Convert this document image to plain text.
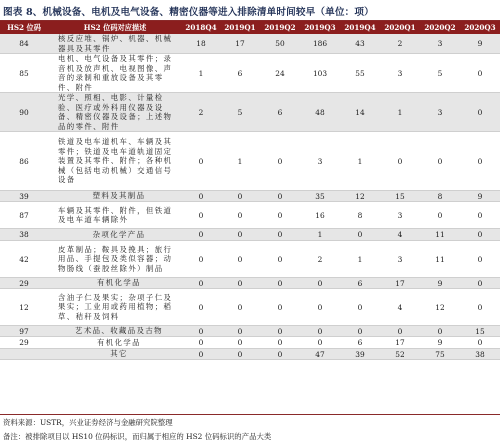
图表 8、机械设备、电机及电气设备、精密仪器等进入排除清单时间较早（单位：项）
HS2 位码	HS2 位码对应描述	2018Q4	2019Q1	2019Q2	2019Q3	2019Q4	2020Q1	2020Q2	2020Q3
84	核反应堆、锅炉、机器、机械器具及其零件	18	17	50	186	43	2	3	9
85	电机、电气设备及其零件；录音机及放声机、电视图像、声音的录制和重放设备及其零件、附件	1	6	24	103	55	3	5	0
90	光学、照相、电影、计量检验、医疗或外科用仪器及设备、精密仪器及设备；上述物品的零件、附件	2	5	6	48	14	1	3	0
86	铁道及电车道机车、车辆及其零件；铁道及电车道轨道固定装置及其零件、附件；各种机械（包括电动机械）交通信号设备	0	1	0	3	1	0	0	0
39	塑料及其制品	0	0	0	35	12	15	8	9
87	车辆及其零件、附件，但铁道及电车道车辆除外	0	0	0	16	8	3	0	0
38	杂项化学产品	0	0	0	1	0	4	11	0
42	皮革制品；鞍具及挽具；旅行用品、手提包及类似容器；动物肠线（蚕胶丝除外）制品	0	0	0	2	1	3	11	0
29	有机化学品	0	0	0	0	6	17	9	0
12	含油子仁及果实；杂项子仁及果实；工业用或药用植物；稻草、秸秆及饲料	0	0	0	0	0	4	12	0
97	艺术品、收藏品及古物	0	0	0	0	0	0	0	15
29	有机化学品	0	0	0	0	6	17	9	0
	其它	0	0	0	47	39	52	75	38
资料来源：USTR，兴业证券经济与金融研究院整理
备注：被排除项目以 HS10 位码标识，而归属于相应的 HS2 位码标识的产品大类
